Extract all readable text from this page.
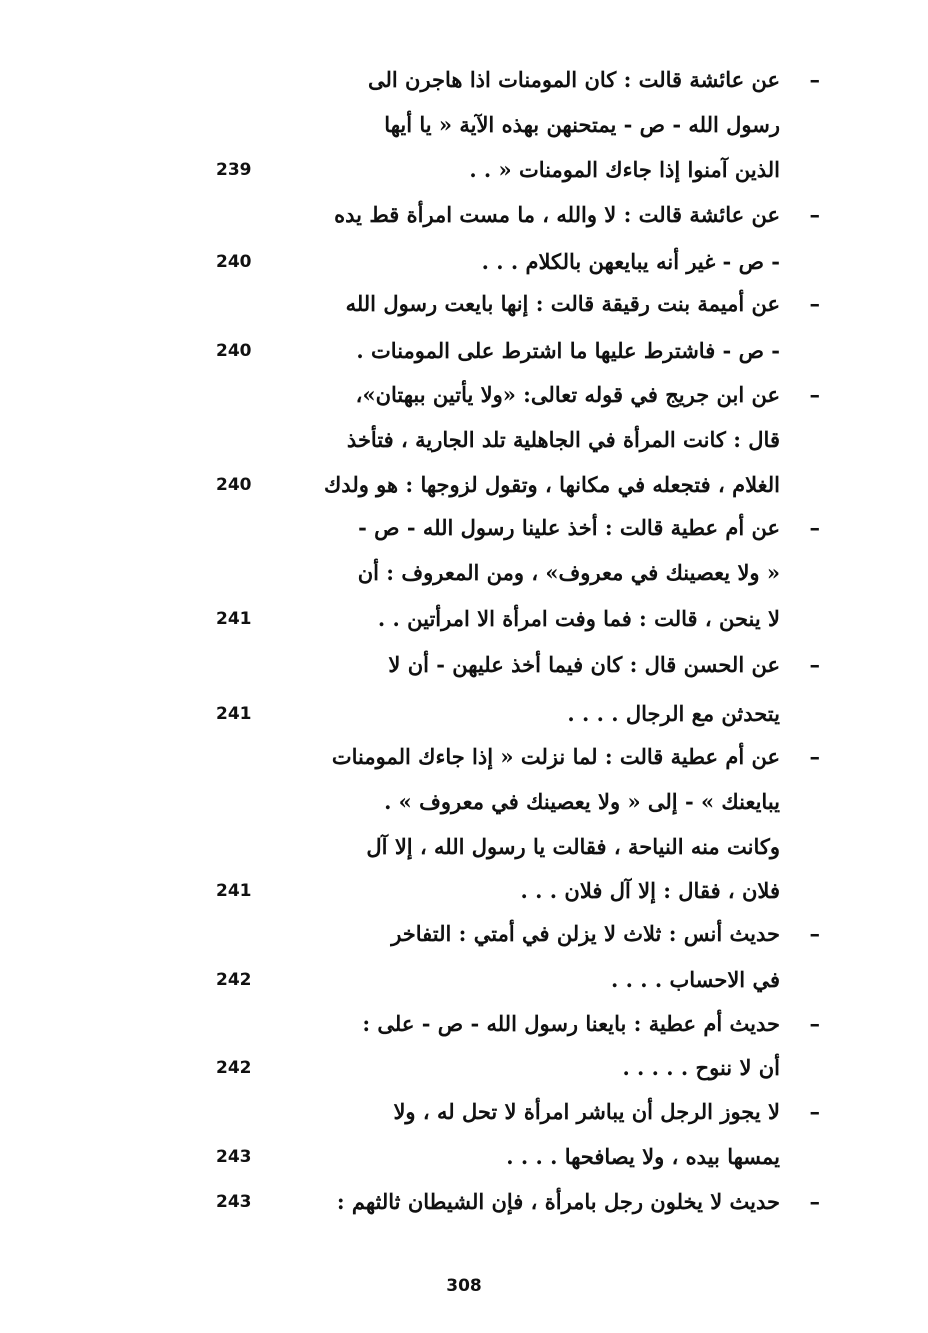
–
عن عائشة قالت : كان المومنات اذا هاجرن الى
رسول الله - ص - يمتحنهن بهذه الآية « يا أيها
239	الذين آمنوا إذا جاءك المومنات « . .
–
عن عائشة قالت : لا والله ، ما مست امرأة قط يده
240	- ص - غير أنه يبايعهن بالكلام . . .
–
عن أميمة بنت رقيقة قالت : إنها بايعت رسول الله
240	- ص - فاشترط عليها ما اشترط على المومنات .
–
عن ابن جريج في قوله تعالى: «ولا يأتين ببهتان»،
قال : كانت المرأة في الجاهلية تلد الجارية ، فتأخذ
240	الغلام ، فتجعله في مكانها ، وتقول لزوجها : هو ولدك
–
عن أم عطية قالت : أخذ علينا رسول الله - ص -
« ولا يعصينك في معروف» ، ومن المعروف : أن
241	لا ينحن ، قالت : فما وفت امرأة الا امرأتين . .
–
عن الحسن قال : كان فيما أخذ عليهن - أن لا
241	يتحدثن مع الرجال . . . .
–
عن أم عطية قالت : لما نزلت « إذا جاءك المومنات
يبايعنك » - إلى « ولا يعصينك في معروف » .
وكانت منه النياحة ، فقالت يا رسول الله ، إلا آل
241	فلان ، فقال : إلا آل فلان . . .
–
حديث أنس : ثلاث لا يزلن في أمتي : التفاخر
242	في الاحساب . . . .
–
حديث أم عطية : بايعنا رسول الله - ص - على :
242	أن لا ننوح . . . . .
–
لا يجوز الرجل أن يباشر امرأة لا تحل له ، ولا
243	يمسها بيده ، ولا يصافحها . . . .
–
243	حديث لا يخلون رجل بامرأة ، فإن الشيطان ثالثهم :
308
